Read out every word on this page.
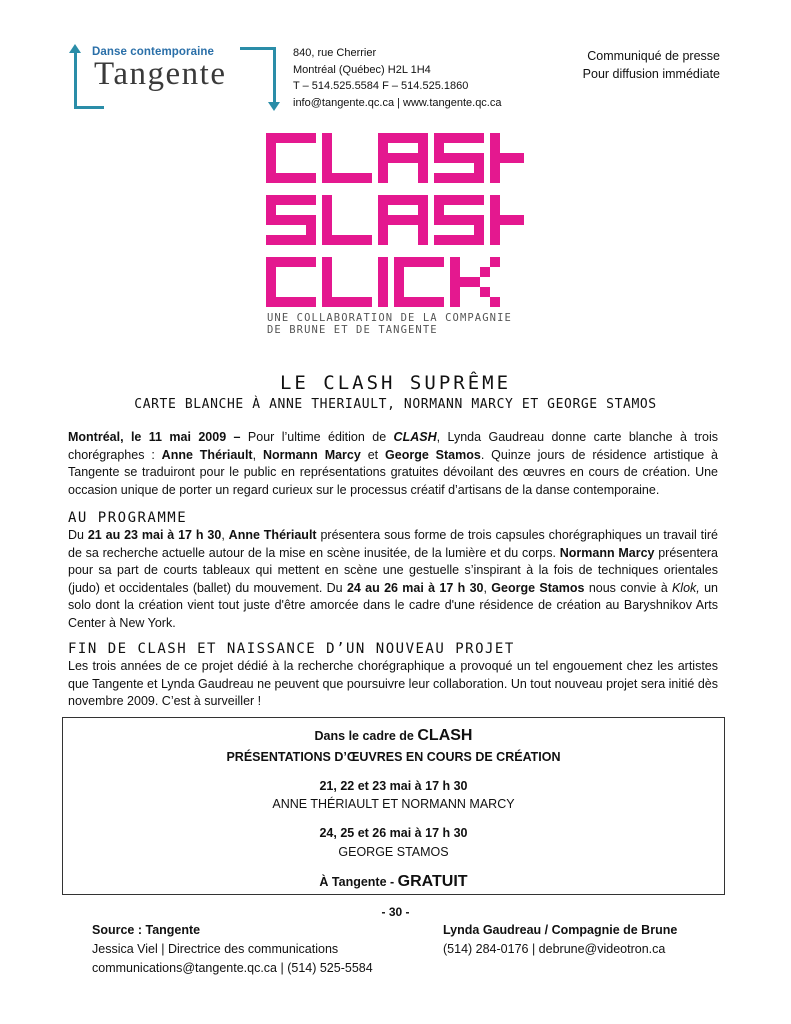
Danse contemporaine
Tangente
840, rue Cherrier
Montréal (Québec) H2L 1H4
T – 514.525.5584 F – 514.525.1860
info@tangente.qc.ca | www.tangente.qc.ca
Communiqué de presse
Pour diffusion immédiate
UNE COLLABORATION DE LA COMPAGNIE
DE BRUNE ET DE TANGENTE
LE CLASH SUPRÊME
CARTE BLANCHE À ANNE THERIAULT, NORMANN MARCY ET GEORGE STAMOS
Montréal, le 11 mai 2009 – Pour l’ultime édition de CLASH, Lynda Gaudreau donne carte blanche à trois chorégraphes : Anne Thériault, Normann Marcy et George Stamos. Quinze jours de résidence artistique à Tangente se traduiront pour le public en représentations gratuites dévoilant des œuvres en cours de création. Une occasion unique de porter un regard curieux sur le processus créatif d’artisans de la danse contemporaine.
AU PROGRAMME
Du 21 au 23 mai à 17 h 30, Anne Thériault présentera sous forme de trois capsules chorégraphiques un travail tiré de sa recherche actuelle autour de la mise en scène inusitée, de la lumière et du corps. Normann Marcy présentera pour sa part de courts tableaux qui mettent en scène une gestuelle s’inspirant à la fois de techniques orientales (judo) et occidentales (ballet) du mouvement. Du 24 au 26 mai à 17 h 30, George Stamos nous convie à Klok, un solo dont la création vient tout juste d'être amorcée dans le cadre d'une résidence de création au Baryshnikov Arts Center à New York.
FIN DE CLASH ET NAISSANCE D’UN NOUVEAU PROJET
Les trois années de ce projet dédié à la recherche chorégraphique a provoqué un tel engouement chez les artistes que Tangente et Lynda Gaudreau ne peuvent que poursuivre leur collaboration. Un tout nouveau projet sera initié dès novembre 2009. C’est à surveiller !
Dans le cadre de CLASH
PRÉSENTATIONS D’ŒUVRES EN COURS DE CRÉATION
21, 22 et 23 mai à 17 h 30
ANNE THÉRIAULT ET NORMANN MARCY
24, 25 et 26 mai à 17 h 30
GEORGE STAMOS
À Tangente - GRATUIT
- 30 -
Source : Tangente
Jessica Viel | Directrice des communications
communications@tangente.qc.ca | (514) 525-5584
Lynda Gaudreau / Compagnie de Brune
(514) 284-0176 | debrune@videotron.ca
